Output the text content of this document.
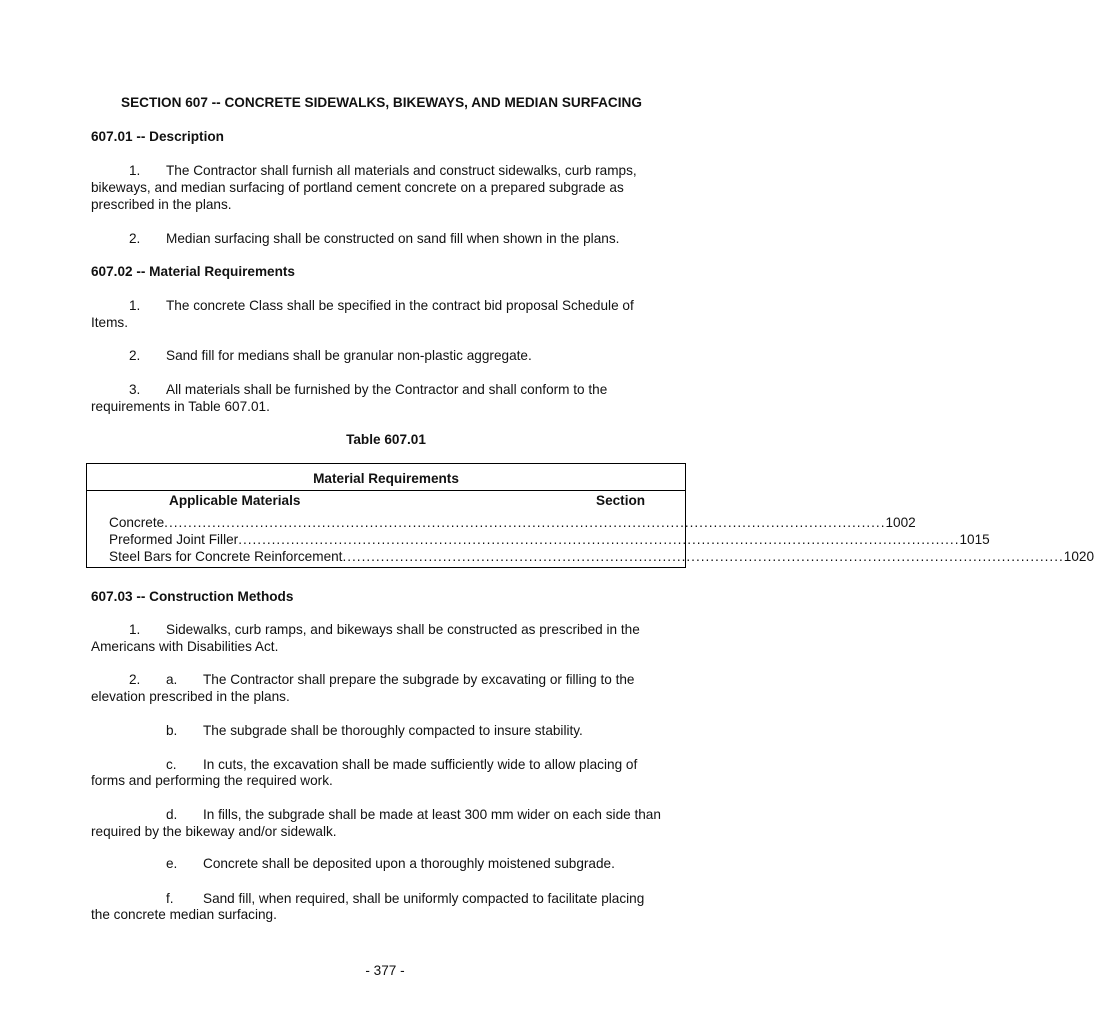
SECTION 607 -- CONCRETE SIDEWALKS, BIKEWAYS, AND MEDIAN SURFACING
607.01 -- Description
1. The Contractor shall furnish all materials and construct sidewalks, curb ramps,
bikeways, and median surfacing of portland cement concrete on a prepared subgrade as
prescribed in the plans.
2. Median surfacing shall be constructed on sand fill when shown in the plans.
607.02 -- Material Requirements
1. The concrete Class shall be specified in the contract bid proposal Schedule of
Items.
2. Sand fill for medians shall be granular non-plastic aggregate.
3. All materials shall be furnished by the Contractor and shall conform to the
requirements in Table 607.01.
Table 607.01
Material Requirements
Applicable Materials	Section
Concrete ....................................................................................................................................................... 1002
Preformed Joint Filler ....................................................................................................................................................... 1015
Steel Bars for Concrete Reinforcement ....................................................................................................................................................... 1020
607.03 -- Construction Methods
1. Sidewalks, curb ramps, and bikeways shall be constructed as prescribed in the
Americans with Disabilities Act.
2. a. The Contractor shall prepare the subgrade by excavating or filling to the
elevation prescribed in the plans.
b. The subgrade shall be thoroughly compacted to insure stability.
c. In cuts, the excavation shall be made sufficiently wide to allow placing of
forms and performing the required work.
d. In fills, the subgrade shall be made at least 300 mm wider on each side than
required by the bikeway and/or sidewalk.
e. Concrete shall be deposited upon a thoroughly moistened subgrade.
f. Sand fill, when required, shall be uniformly compacted to facilitate placing
the concrete median surfacing.
- 377 -
